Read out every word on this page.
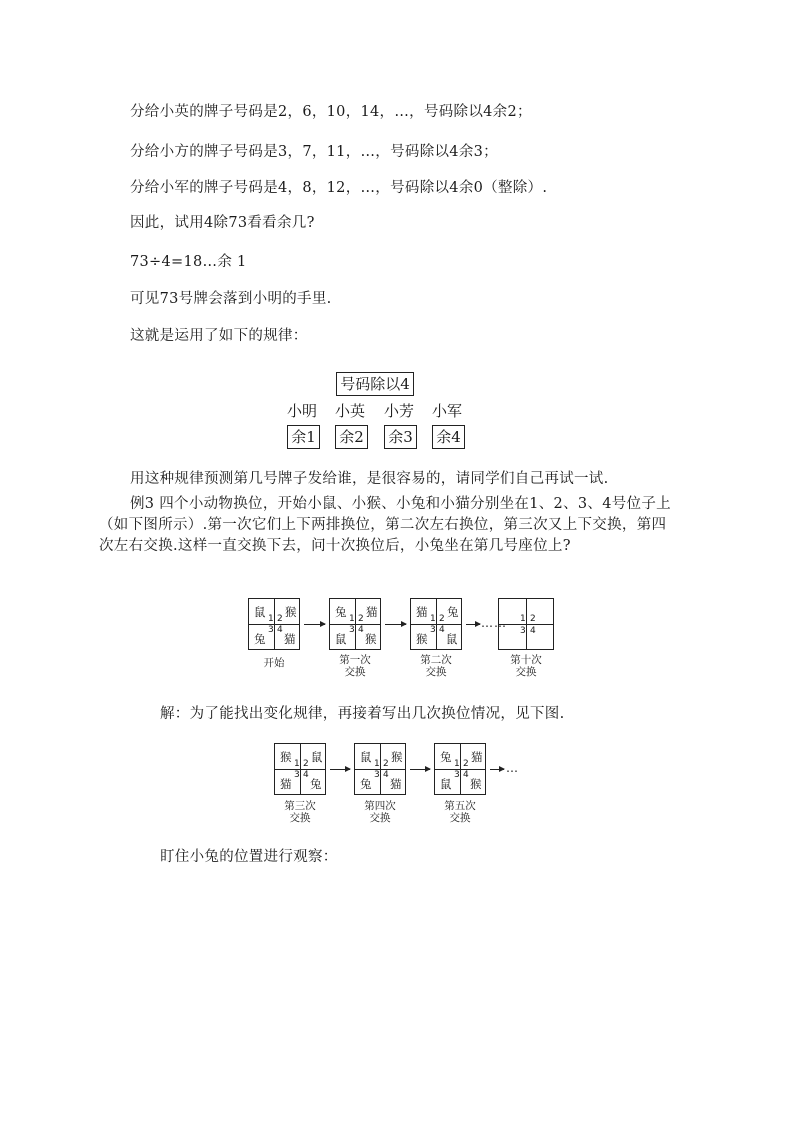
分给小英的牌子号码是2，6，10，14，…，号码除以4余2；
分给小方的牌子号码是3，7，11，…，号码除以4余3；
分给小军的牌子号码是4，8，12，…，号码除以4余0（整除）.
因此，试用4除73看看余几?
73÷4=18…余 1
可见73号牌会落到小明的手里.
这就是运用了如下的规律：
号码除以4
小明 小英 小芳 小军
余1 余2 余3 余4
用这种规律预测第几号牌子发给谁，是很容易的，请同学们自己再试一试.
例3 四个小动物换位，开始小鼠、小猴、小兔和小猫分别坐在1、2、3、4号位子上（如下图所示）.第一次它们上下两排换位，第二次左右换位，第三次又上下交换，第四次左右交换.这样一直交换下去，问十次换位后，小兔坐在第几号座位上?
鼠 猴
兔 猫
1 2
3 4
开始
兔 猫
鼠 猴
1 2
3 4
第一次
交换
猫 兔
猴 鼠
1 2
3 4
第二次
交换
…… 1 2
3 4
第十次
交换
解：为了能找出变化规律，再接着写出几次换位情况，见下图.
猴 鼠
猫 兔
1 2
3 4
第三次
交换
鼠 猴
兔 猫
1 2
3 4
第四次
交换
兔 猫
鼠 猴
1 2
3 4
第五次
交换
…
盯住小兔的位置进行观察：
